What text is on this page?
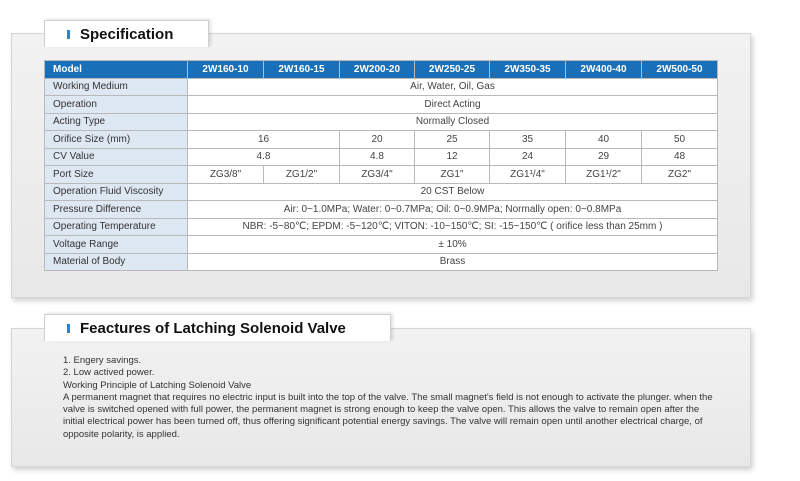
Specification
Model	2W160-10	2W160-15	2W200-20	2W250-25	2W350-35	2W400-40	2W500-50
Working Medium	Air, Water, Oil, Gas						
Operation	Direct Acting						
Acting Type	Normally Closed						
Orifice Size (mm)	16		20	25	35	40	50
CV Value	4.8		4.8	12	24	29	48
Port Size	ZG3/8"	ZG1/2"	ZG3/4"	ZG1"	ZG1¹/4"	ZG1¹/2"	ZG2"
Operation Fluid Viscosity	20 CST Below						
Pressure Difference	Air: 0~1.0MPa; Water: 0~0.7MPa; Oil: 0~0.9MPa; Normally open: 0~0.8MPa						
Operating Temperature	NBR: -5~80℃; EPDM: -5~120℃; VITON: -10~150℃; SI: -15~150℃ ( orifice less than 25mm )						
Voltage Range	± 10%						
Material of Body	Brass						
Feactures of Latching Solenoid Valve

1. Engery savings.

2. Low actived power.

Working Principle of Latching Solenoid Valve

A permanent magnet that requires no electric input is built into the top of the valve. The small magnet's field is not enough to activate the plunger. when the valve is switched opened with full power, the permanent magnet is strong enough to keep the valve open. This allows the valve to remain open after the initial electrical power has been turned off, thus offering significant potential energy savings. The valve will remain open until another electrical charge, of opposite polarity, is applied.
